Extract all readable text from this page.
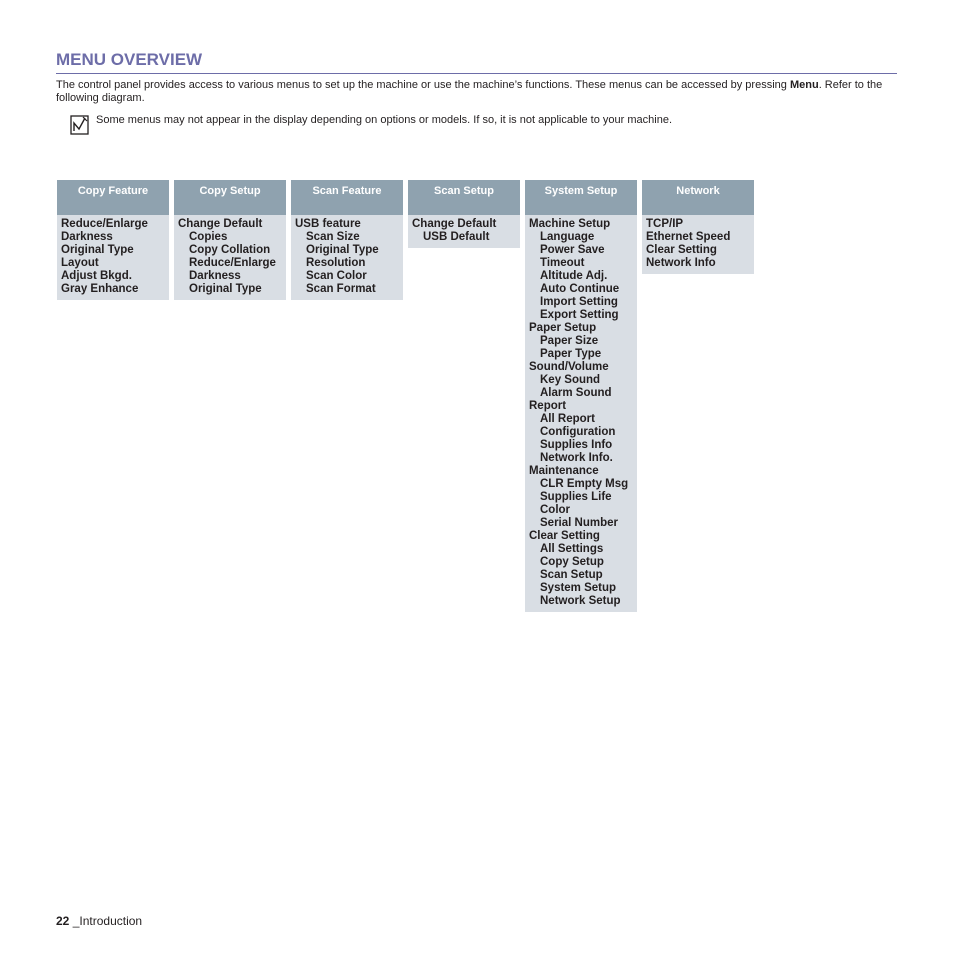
MENU OVERVIEW
The control panel provides access to various menus to set up the machine or use the machine’s functions. These menus can be accessed by pressing Menu. Refer to the following diagram.
Some menus may not appear in the display depending on options or models. If so, it is not applicable to your machine.
Copy Feature
Reduce/Enlarge
Darkness
Original Type
Layout
Adjust Bkgd.
Gray Enhance
Copy Setup
Change Default
Copies
Copy Collation
Reduce/Enlarge
Darkness
Original Type
Scan Feature
USB feature
Scan Size
Original Type
Resolution
Scan Color
Scan Format
Scan Setup
Change Default
USB Default
System Setup
Machine Setup
Language
Power Save
Timeout
Altitude Adj.
Auto Continue
Import Setting
Export Setting
Paper Setup
Paper Size
Paper Type
Sound/Volume
Key Sound
Alarm Sound
Report
All Report
Configuration
Supplies Info
Network Info.
Maintenance
CLR Empty Msg
Supplies Life
Color
Serial Number
Clear Setting
All Settings
Copy Setup
Scan Setup
System Setup
Network Setup
Network
TCP/IP
Ethernet Speed
Clear Setting
Network Info
22 _Introduction
